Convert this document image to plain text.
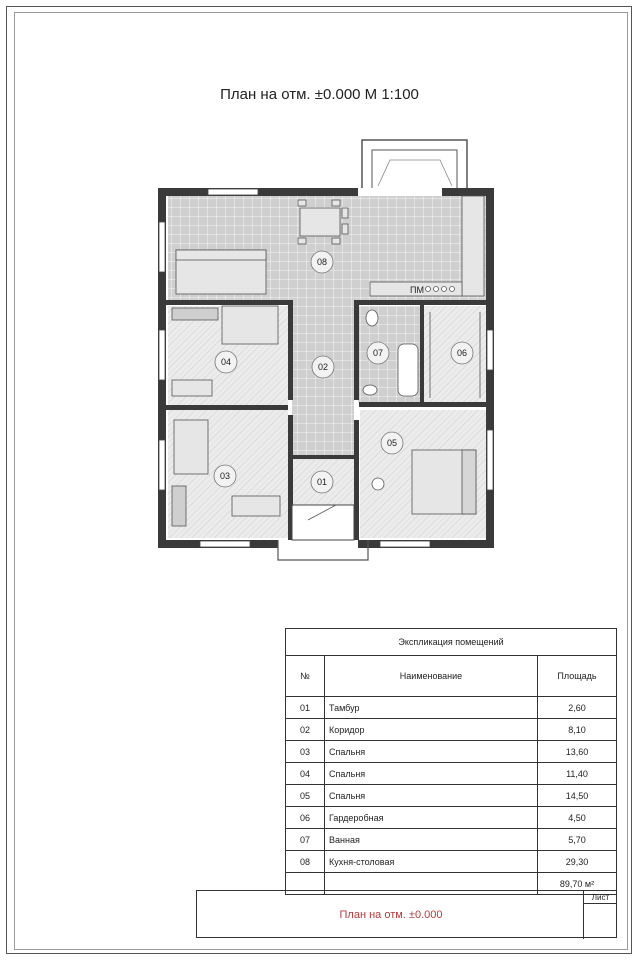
План на отм. ±0.000 М 1:100
ПМ
01
02
03
04
05
06
07
08
Экспликация помещений		
№	Наименование	Площадь
01	Тамбур	2,60
02	Коридор	8,10
03	Спальня	13,60
04	Спальня	11,40
05	Спальня	14,50
06	Гардеробная	4,50
07	Ванная	5,70
08	Кухня-столовая	29,30
		89,70 м²
План на отм. ±0.000
Лист
